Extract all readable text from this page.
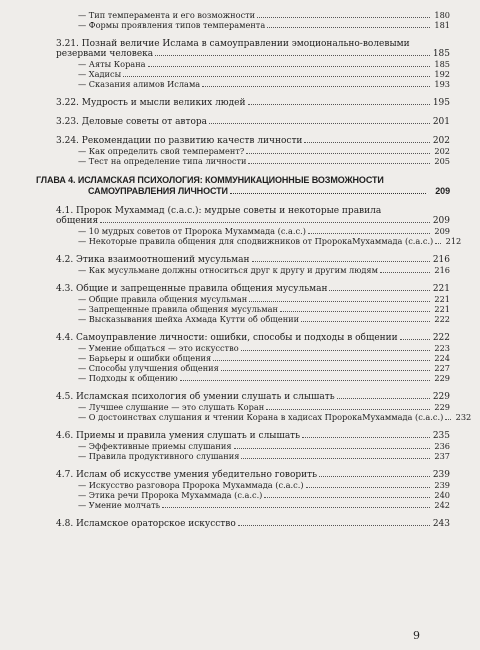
— Тип темперамента и его возможности	180
— Формы проявления типов темперамента	181
3.21. Познай величие Ислама в самоуправлении эмоционально-волевыми
резервами человека	185
— Аяты Корана	185
— Хадисы	192
— Сказания алимов Ислама	193
3.22. Мудрость и мысли великих людей	195
3.23. Деловые советы от автора	201
3.24. Рекомендации по развитию качеств личности	202
— Как определить свой темперамент?	202
— Тест на определение типа личности	205
ГЛАВА 4. ИСЛАМСКАЯ ПСИХОЛОГИЯ: КОММУНИКАЦИОННЫЕ ВОЗМОЖНОСТИ
САМОУПРАВЛЕНИЯ ЛИЧНОСТИ	209
4.1. Пророк Мухаммад (с.а.с.): мудрые советы и некоторые правила
общения	209
— 10 мудрых советов от Пророка Мухаммада (с.а.с.)	209
— Некоторые правила общения для сподвижников от Пророка Мухаммада (с.а.с.) 212
4.2. Этика взаимоотношений мусульман	216
— Как мусульмане должны относиться друг к другу и другим людям	216
4.3. Общие и запрещенные правила общения мусульман	221
— Общие правила общения мусульман	221
— Запрещенные правила общения мусульман	221
— Высказывания шейха Ахмада Кутти об общении	222
4.4. Самоуправление личности: ошибки, способы и подходы в общении	222
— Умение общаться — это искусство	223
— Барьеры и ошибки общения	224
— Способы улучшения общения	227
— Подходы к общению	229
4.5. Исламская психология об умении слушать и слышать	229
— Лучшее слушание — это слушать Коран	229
— О достоинствах слушания и чтении Корана в хадисах Пророка Мухаммада (с.а.с.) 232
4.6. Приемы и правила умения слушать и слышать	235
— Эффективные приемы слушания	236
— Правила продуктивного слушания	237
4.7. Ислам об искусстве умения убедительно говорить	239
— Искусство разговора Пророка Мухаммада (с.а.с.)	239
— Этика речи Пророка Мухаммада (с.а.с.)	240
— Умение молчать	242
4.8. Исламское ораторское искусство	243
9
